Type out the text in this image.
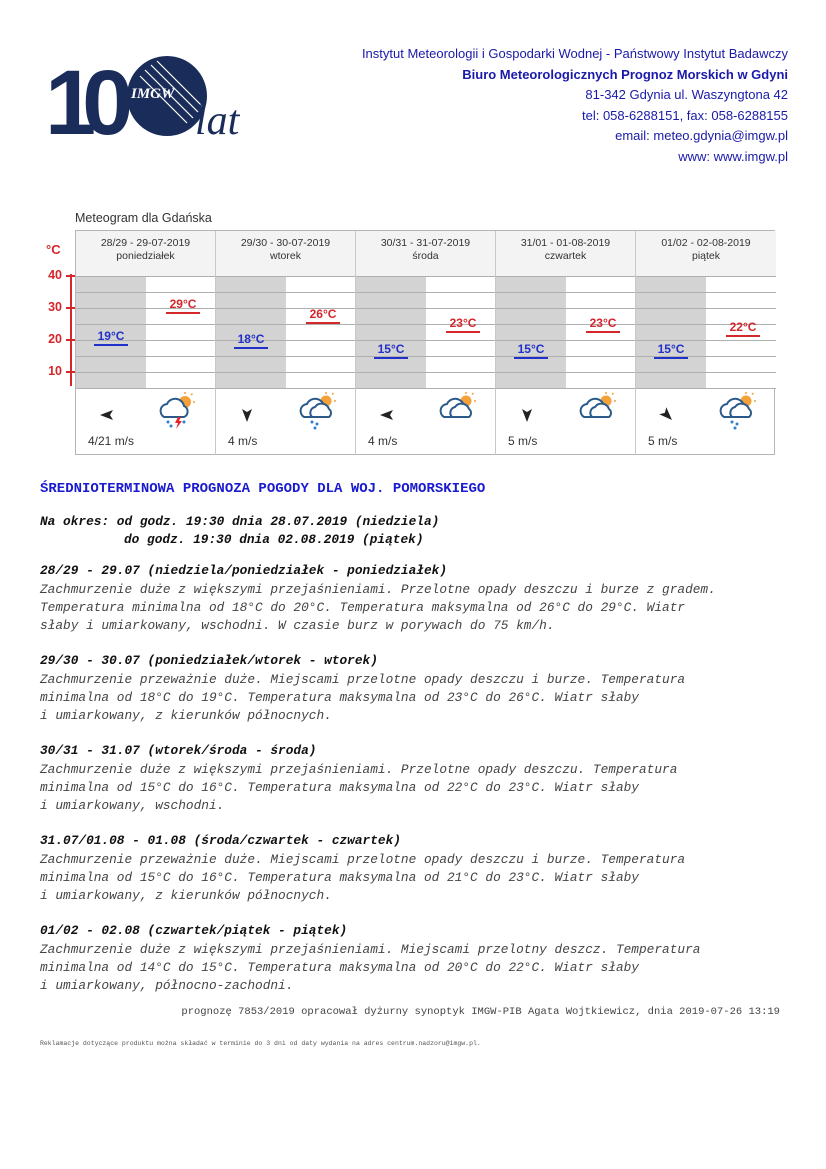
10 IMGW
lat
Instytut Meteorologii i Gospodarki Wodnej - Państwowy Instytut Badawczy
Biuro Meteorologicznych Prognoz Morskich w Gdyni
81-342 Gdynia ul. Waszyngtona 42
tel: 058-6288151, fax: 058-6288155
email: meteo.gdynia@imgw.pl
www: www.imgw.pl
Meteogram dla Gdańska
°C
40
30
20
10
28/29 - 29-07-2019
poniedziałek
19°C
29°C
4/21 m/s
29/30 - 30-07-2019
wtorek
18°C
26°C
4 m/s
30/31 - 31-07-2019
środa
15°C
23°C
4 m/s
31/01 - 01-08-2019
czwartek
15°C
23°C
5 m/s
01/02 - 02-08-2019
piątek
15°C
22°C
5 m/s
ŚREDNIOTERMINOWA PROGNOZA POGODY DLA WOJ. POMORSKIEGO
Na okres: od godz. 19:30 dnia 28.07.2019 (niedziela)
do godz. 19:30 dnia 02.08.2019 (piątek)
28/29 - 29.07 (niedziela/poniedziałek - poniedziałek)
Zachmurzenie duże z większymi przejaśnieniami. Przelotne opady deszczu i burze z gradem.
Temperatura minimalna od 18°C do 20°C. Temperatura maksymalna od 26°C do 29°C. Wiatr
słaby i umiarkowany, wschodni. W czasie burz w porywach do 75 km/h.
29/30 - 30.07 (poniedziałek/wtorek - wtorek)
Zachmurzenie przeważnie duże. Miejscami przelotne opady deszczu i burze. Temperatura
minimalna od 18°C do 19°C. Temperatura maksymalna od 23°C do 26°C. Wiatr słaby
i umiarkowany, z kierunków północnych.
30/31 - 31.07 (wtorek/środa - środa)
Zachmurzenie duże z większymi przejaśnieniami. Przelotne opady deszczu. Temperatura
minimalna od 15°C do 16°C. Temperatura maksymalna od 22°C do 23°C. Wiatr słaby
i umiarkowany, wschodni.
31.07/01.08 - 01.08 (środa/czwartek - czwartek)
Zachmurzenie przeważnie duże. Miejscami przelotne opady deszczu i burze. Temperatura
minimalna od 15°C do 16°C. Temperatura maksymalna od 21°C do 23°C. Wiatr słaby
i umiarkowany, z kierunków północnych.
01/02 - 02.08 (czwartek/piątek - piątek)
Zachmurzenie duże z większymi przejaśnieniami. Miejscami przelotny deszcz. Temperatura
minimalna od 14°C do 15°C. Temperatura maksymalna od 20°C do 22°C. Wiatr słaby
i umiarkowany, północno-zachodni.
prognozę 7853/2019 opracował dyżurny synoptyk IMGW-PIB Agata Wojtkiewicz, dnia 2019-07-26 13:19
Reklamacje dotyczące produktu można składać w terminie do 3 dni od daty wydania na adres centrum.nadzoru@imgw.pl.
